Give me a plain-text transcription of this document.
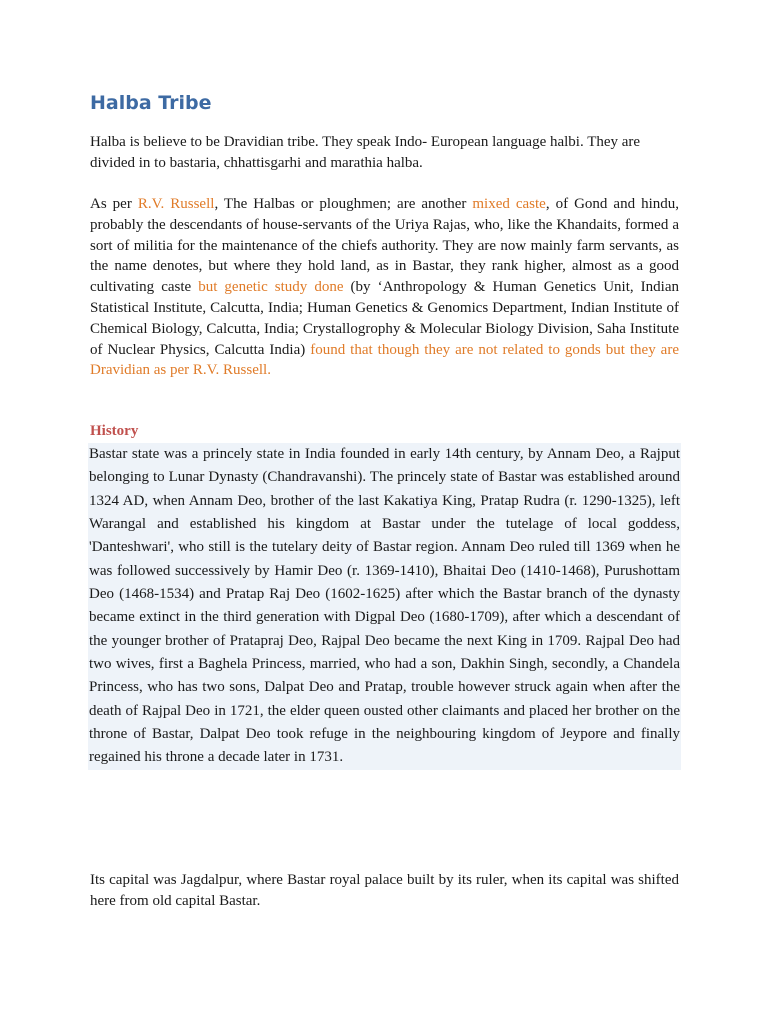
Halba Tribe

Halba is believe to be Dravidian tribe. They speak Indo- European language halbi. They are divided in to bastaria, chhattisgarhi and marathia halba.

As per R.V. Russell, The Halbas or ploughmen; are another mixed caste, of Gond and hindu, probably the descendants of house-servants of the Uriya Rajas, who, like the Khandaits, formed a sort of militia for the maintenance of the chiefs authority. They are now mainly farm servants, as the name denotes, but where they hold land, as in Bastar, they rank higher, almost as a good cultivating caste but genetic study done (by ‘Anthropology & Human Genetics Unit, Indian Statistical Institute, Calcutta, India; Human Genetics & Genomics Department, Indian Institute of Chemical Biology, Calcutta, India; Crystallogrophy & Molecular Biology Division, Saha Institute of Nuclear Physics, Calcutta India) found that though they are not related to gonds but they are Dravidian as per R.V. Russell.

History

Bastar state was a princely state in India founded in early 14th century, by Annam Deo, a Rajput belonging to Lunar Dynasty (Chandravanshi). The princely state of Bastar was established around 1324 AD, when Annam Deo, brother of the last Kakatiya King, Pratap Rudra (r. 1290-1325), left Warangal and established his kingdom at Bastar under the tutelage of local goddess, 'Danteshwari', who still is the tutelary deity of Bastar region. Annam Deo ruled till 1369 when he was followed successively by Hamir Deo (r. 1369-1410), Bhaitai Deo (1410-1468), Purushottam Deo (1468-1534) and Pratap Raj Deo (1602-1625) after which the Bastar branch of the dynasty became extinct in the third generation with Digpal Deo (1680-1709), after which a descendant of the younger brother of Pratapraj Deo, Rajpal Deo became the next King in 1709. Rajpal Deo had two wives, first a Baghela Princess, married, who had a son, Dakhin Singh, secondly, a Chandela Princess, who has two sons, Dalpat Deo and Pratap, trouble however struck again when after the death of Rajpal Deo in 1721, the elder queen ousted other claimants and placed her brother on the throne of Bastar, Dalpat Deo took refuge in the neighbouring kingdom of Jeypore and finally regained his throne a decade later in 1731.

Its capital was Jagdalpur, where Bastar royal palace built by its ruler, when its capital was shifted here from old capital Bastar.
